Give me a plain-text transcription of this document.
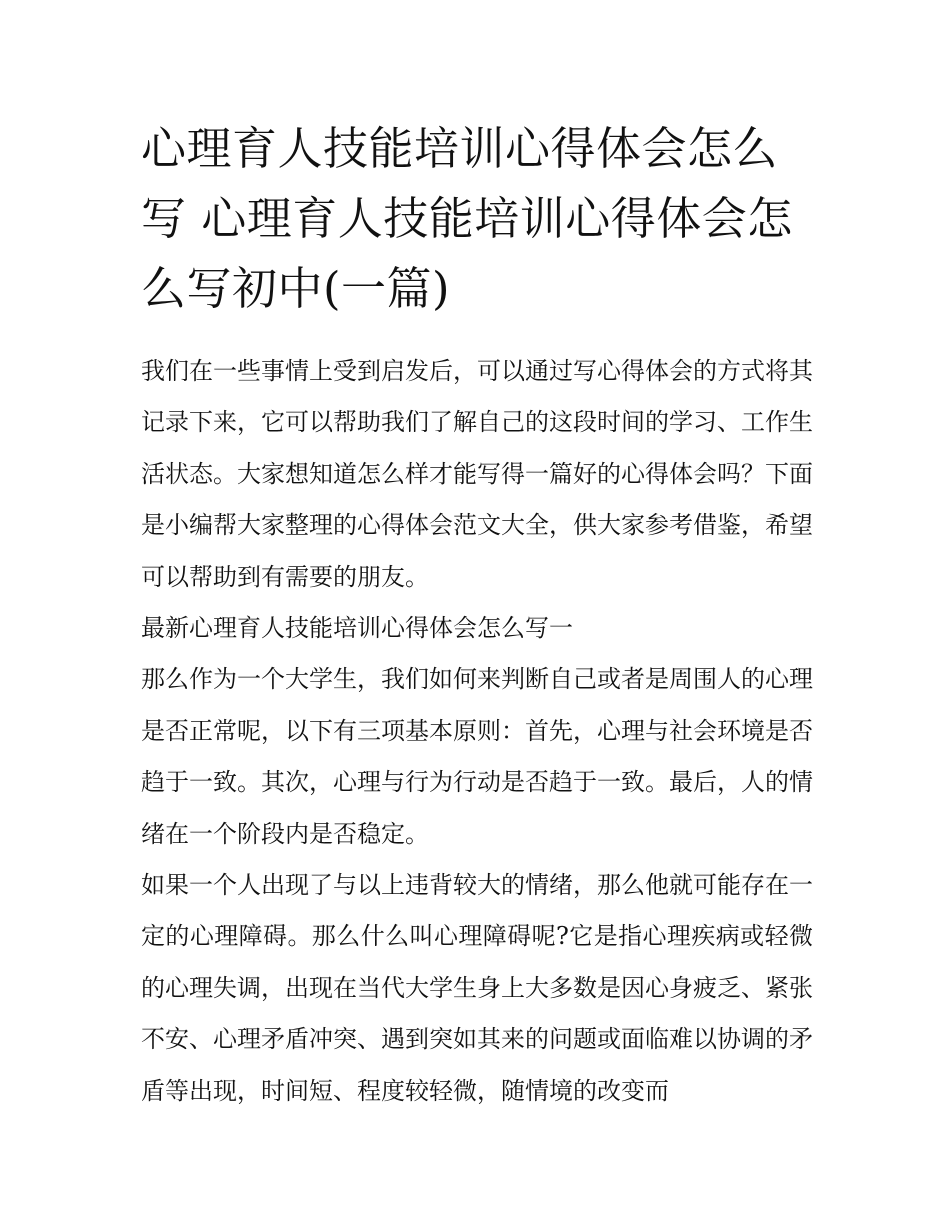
心理育人技能培训心得体会怎么写 心理育人技能培训心得体会怎么写初中(一篇)

我们在一些事情上受到启发后，可以通过写心得体会的方式将其记录下来，它可以帮助我们了解自己的这段时间的学习、工作生活状态。大家想知道怎么样才能写得一篇好的心得体会吗？下面是小编帮大家整理的心得体会范文大全，供大家参考借鉴，希望可以帮助到有需要的朋友。

最新心理育人技能培训心得体会怎么写一

那么作为一个大学生，我们如何来判断自己或者是周围人的心理是否正常呢，以下有三项基本原则：首先，心理与社会环境是否趋于一致。其次，心理与行为行动是否趋于一致。最后，人的情绪在一个阶段内是否稳定。

如果一个人出现了与以上违背较大的情绪，那么他就可能存在一定的心理障碍。那么什么叫心理障碍呢?它是指心理疾病或轻微的心理失调，出现在当代大学生身上大多数是因心身疲乏、紧张不安、心理矛盾冲突、遇到突如其来的问题或面临难以协调的矛盾等出现，时间短、程度较轻微，随情境的改变而
